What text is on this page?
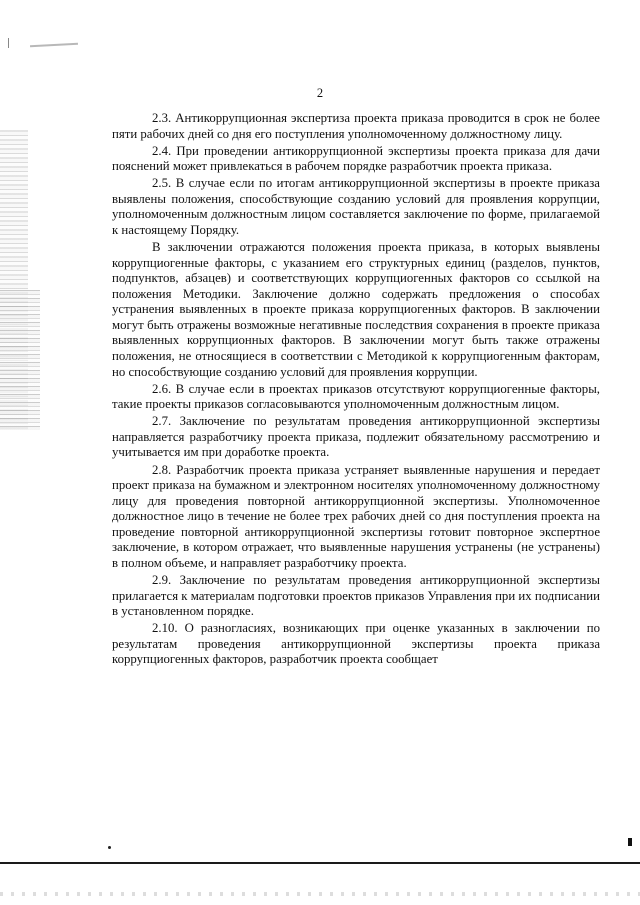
2

2.3. Антикоррупционная экспертиза проекта приказа проводится в срок не более пяти рабочих дней со дня его поступления уполномоченному должностному лицу.

2.4. При проведении антикоррупционной экспертизы проекта приказа для дачи пояснений может привлекаться в рабочем порядке разработчик проекта приказа.

2.5. В случае если по итогам антикоррупционной экспертизы в проекте приказа выявлены положения, способствующие созданию условий для проявления коррупции, уполномоченным должностным лицом составляется заключение по форме, прилагаемой к настоящему Порядку.

В заключении отражаются положения проекта приказа, в которых выявлены коррупциогенные факторы, с указанием его структурных единиц (разделов, пунктов, подпунктов, абзацев) и соответствующих коррупциогенных факторов со ссылкой на положения Методики. Заключение должно содержать предложения о способах устранения выявленных в проекте приказа коррупциогенных факторов. В заключении могут быть отражены возможные негативные последствия сохранения в проекте приказа выявленных коррупционных факторов. В заключении могут быть также отражены положения, не относящиеся в соответствии с Методикой к коррупциогенным факторам, но способствующие созданию условий для проявления коррупции.

2.6. В случае если в проектах приказов отсутствуют коррупциогенные факторы, такие проекты приказов согласовываются уполномоченным должностным лицом.

2.7. Заключение по результатам проведения антикоррупционной экспертизы направляется разработчику проекта приказа, подлежит обязательному рассмотрению и учитывается им при доработке проекта.

2.8. Разработчик проекта приказа устраняет выявленные нарушения и передает проект приказа на бумажном и электронном носителях уполномоченному должностному лицу для проведения повторной антикоррупционной экспертизы. Уполномоченное должностное лицо в течение не более трех рабочих дней со дня поступления проекта на проведение повторной антикоррупционной экспертизы готовит повторное экспертное заключение, в котором отражает, что выявленные нарушения устранены (не устранены) в полном объеме, и направляет разработчику проекта.

2.9. Заключение по результатам проведения антикоррупционной экспертизы прилагается к материалам подготовки проектов приказов Управления при их подписании в установленном порядке.

2.10. О разногласиях, возникающих при оценке указанных в заключении по результатам проведения антикоррупционной экспертизы проекта приказа коррупциогенных факторов, разработчик проекта сообщает
